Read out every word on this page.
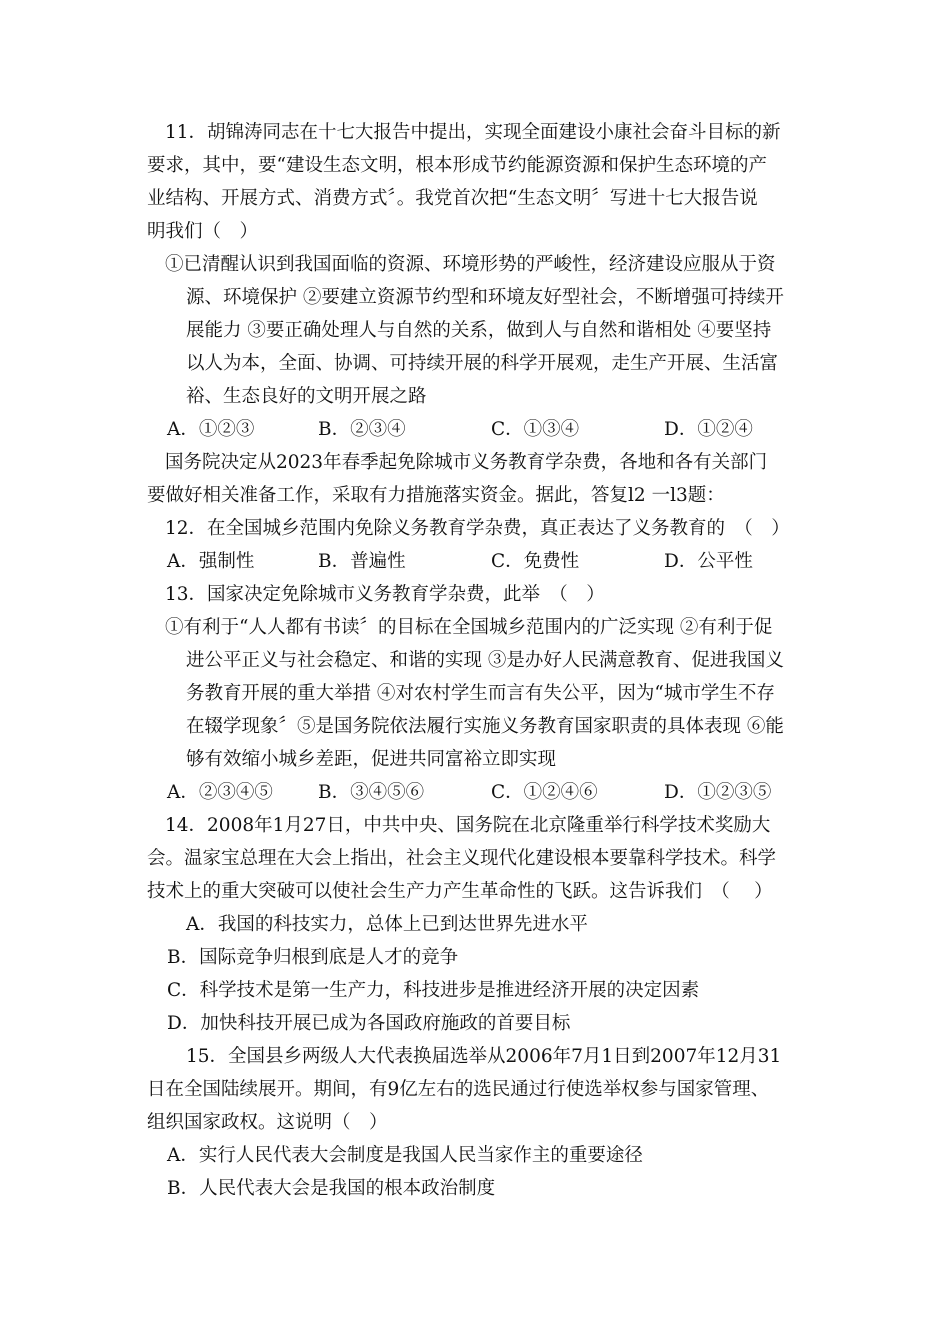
11．胡锦涛同志在十七大报告中提出，实现全面建设小康社会奋斗目标的新
要求，其中，要“建设生态文明，根本形成节约能源资源和保护生态环境的产
业结构、开展方式、消费方式〞。我党首次把“生态文明〞写进十七大报告说
明我们（　）
①已清醒认识到我国面临的资源、环境形势的严峻性，经济建设应服从于资
源、环境保护 ②要建立资源节约型和环境友好型社会，不断增强可持续开
展能力 ③要正确处理人与自然的关系，做到人与自然和谐相处 ④要坚持
以人为本，全面、协调、可持续开展的科学开展观，走生产开展、生活富
裕、生态良好的文明开展之路
A．①②③	B．②③④	C．①③④	D．①②④
国务院决定从2023年春季起免除城市义务教育学杂费，各地和各有关部门
要做好相关准备工作，采取有力措施落实资金。据此，答复l2 一l3题：
12．在全国城乡范围内免除义务教育学杂费，真正表达了义务教育的　（　）
A．强制性	B．普遍性	C．免费性	D．公平性
13．国家决定免除城市义务教育学杂费，此举　（　）
①有利于“人人都有书读〞的目标在全国城乡范围内的广泛实现 ②有利于促
进公平正义与社会稳定、和谐的实现 ③是办好人民满意教育、促进我国义
务教育开展的重大举措 ④对农村学生而言有失公平，因为“城市学生不存
在辍学现象〞⑤是国务院依法履行实施义务教育国家职责的具体表现 ⑥能
够有效缩小城乡差距，促进共同富裕立即实现
A．②③④⑤ B．③④⑤⑥	C．①②④⑥	D．①②③⑤
14．2008年1月27日，中共中央、国务院在北京隆重举行科学技术奖励大
会。温家宝总理在大会上指出，社会主义现代化建设根本要靠科学技术。科学
技术上的重大突破可以使社会生产力产生革命性的飞跃。这告诉我们　（　 ）
A．我国的科技实力，总体上已到达世界先进水平
B．国际竞争归根到底是人才的竞争
C．科学技术是第一生产力，科技进步是推进经济开展的决定因素
D．加快科技开展已成为各国政府施政的首要目标
15．全国县乡两级人大代表换届选举从2006年7月1日到2007年12月31
日在全国陆续展开。期间，有9亿左右的选民通过行使选举权参与国家管理、
组织国家政权。这说明（　）
A．实行人民代表大会制度是我国人民当家作主的重要途径
B．人民代表大会是我国的根本政治制度
